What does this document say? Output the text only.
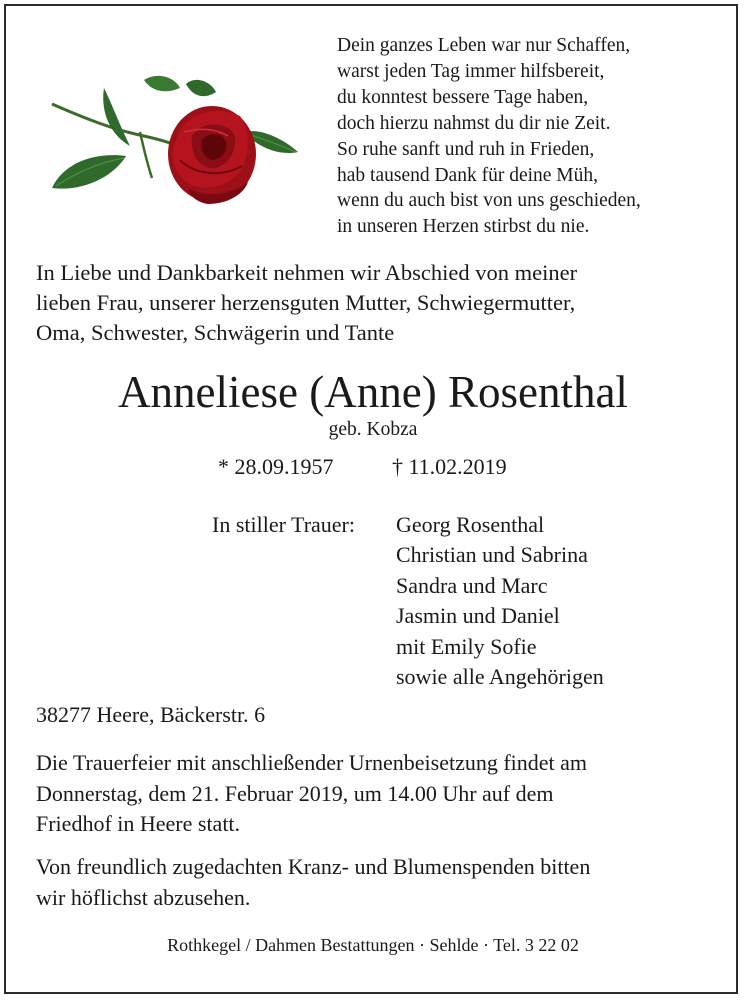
Dein ganzes Leben war nur Schaffen,
warst jeden Tag immer hilfsbereit,
du konntest bessere Tage haben,
doch hierzu nahmst du dir nie Zeit.
So ruhe sanft und ruh in Frieden,
hab tausend Dank für deine Müh,
wenn du auch bist von uns geschieden,
in unseren Herzen stirbst du nie.
In Liebe und Dankbarkeit nehmen wir Abschied von meiner
lieben Frau, unserer herzensguten Mutter, Schwiegermutter,
Oma, Schwester, Schwägerin und Tante
Anneliese (Anne) Rosenthal
geb. Kobza
* 28.09.1957	† 11.02.2019
In stiller Trauer: Georg Rosenthal
Christian und Sabrina
Sandra und Marc
Jasmin und Daniel
mit Emily Sofie
sowie alle Angehörigen
38277 Heere, Bäckerstr. 6
Die Trauerfeier mit anschließender Urnenbeisetzung findet am
Donnerstag, dem 21. Februar 2019, um 14.00 Uhr auf dem
Friedhof in Heere statt.
Von freundlich zugedachten Kranz- und Blumenspenden bitten
wir höflichst abzusehen.
Rothkegel / Dahmen Bestattungen · Sehlde · Tel. 3 22 02
